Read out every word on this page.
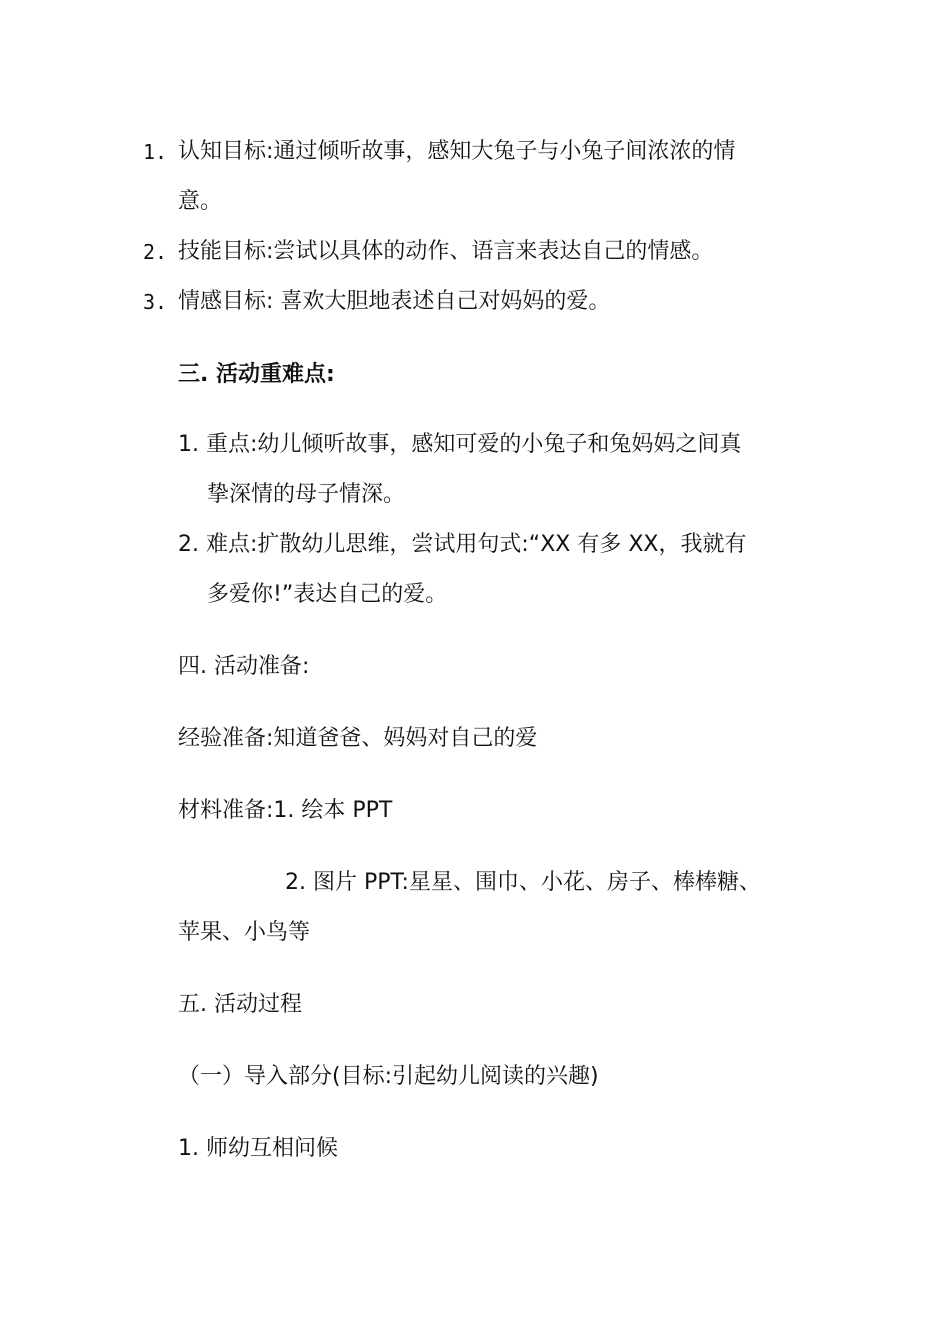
1. 认知目标:通过倾听故事，感知大兔子与小兔子间浓浓的情
意。
2. 技能目标:尝试以具体的动作、语言来表达自己的情感。
3. 情感目标: 喜欢大胆地表述自己对妈妈的爱。
三. 活动重难点:
1. 重点:幼儿倾听故事，感知可爱的小兔子和兔妈妈之间真
挚深情的母子情深。
2. 难点:扩散幼儿思维，尝试用句式:“XX 有多 XX，我就有
多爱你!”表达自己的爱。
四. 活动准备:
经验准备:知道爸爸、妈妈对自己的爱
材料准备:1. 绘本 PPT
2. 图片 PPT:星星、围巾、小花、房子、棒棒糖、
苹果、小鸟等
五. 活动过程
（一）导入部分(目标:引起幼儿阅读的兴趣)
1. 师幼互相问候
